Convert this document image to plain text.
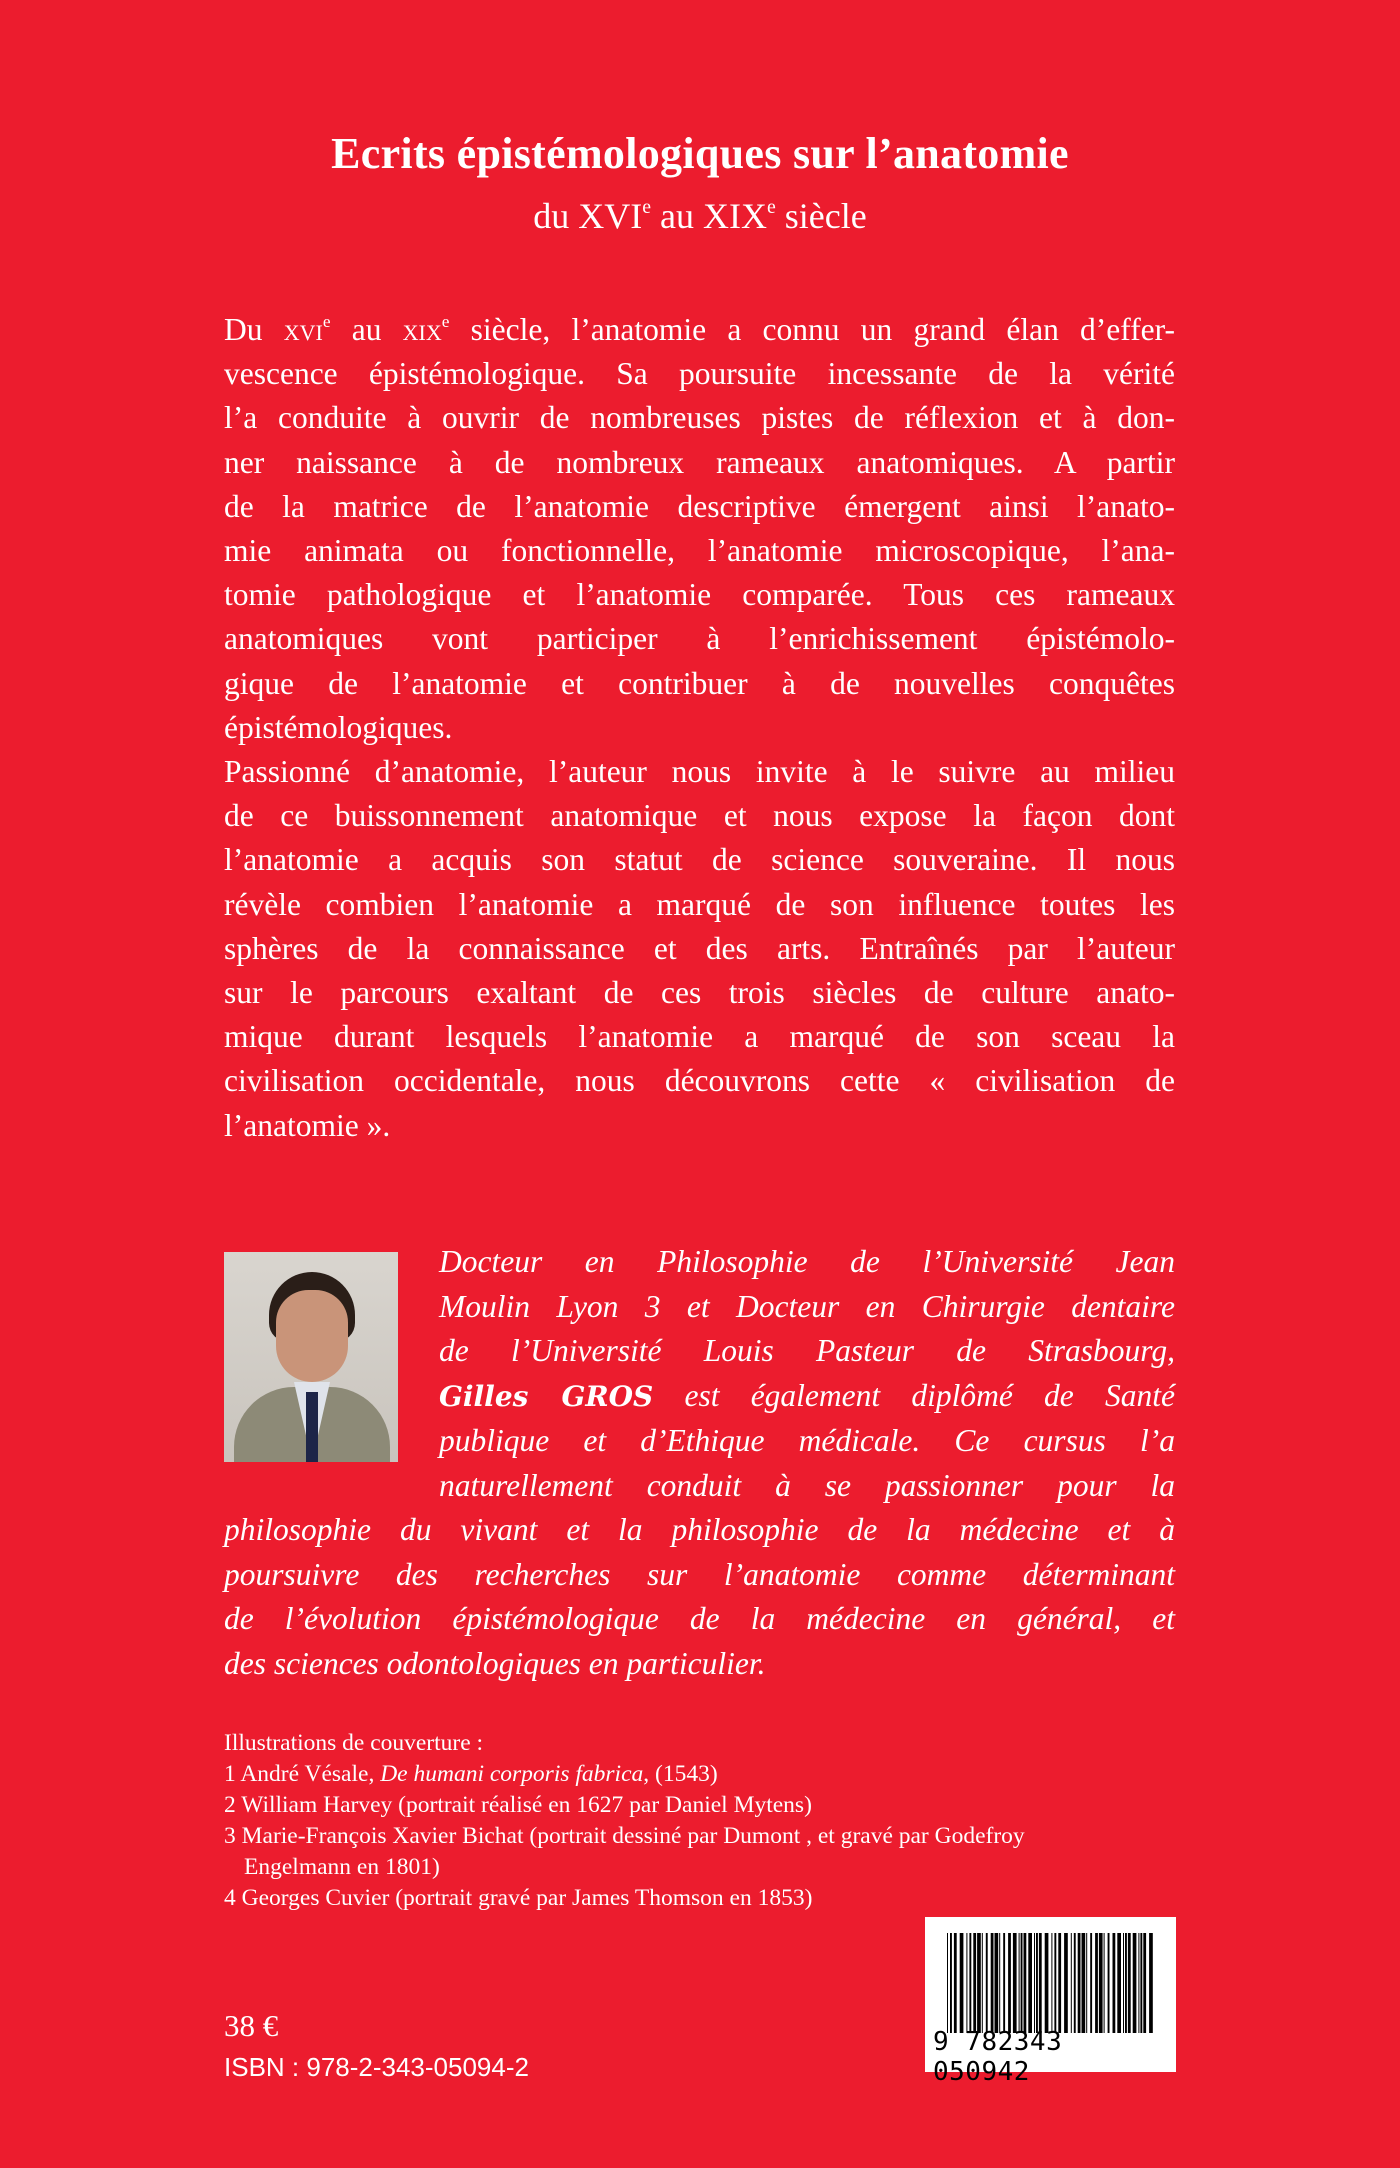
Ecrits épistémologiques sur l’anatomie
du XVIe au XIXe siècle
Du xvi$^e$ au xix$^e$ siècle, l’anatomie a connu un grand élan d’effer-
vescence épistémologique. Sa poursuite incessante de la vérité
l’a conduite à ouvrir de nombreuses pistes de réflexion et à don-
ner naissance à de nombreux rameaux anatomiques. A partir
de la matrice de l’anatomie descriptive émergent ainsi l’anato-
mie animata ou fonctionnelle, l’anatomie microscopique, l’ana-
tomie pathologique et l’anatomie comparée. Tous ces rameaux
anatomiques vont participer à l’enrichissement épistémolo-
gique de l’anatomie et contribuer à de nouvelles conquêtes
épistémologiques.
Passionné d’anatomie, l’auteur nous invite à le suivre au milieu
de ce buissonnement anatomique et nous expose la façon dont
l’anatomie a acquis son statut de science souveraine. Il nous
révèle combien l’anatomie a marqué de son influence toutes les
sphères de la connaissance et des arts. Entraînés par l’auteur
sur le parcours exaltant de ces trois siècles de culture anato-
mique durant lesquels l’anatomie a marqué de son sceau la
civilisation occidentale, nous découvrons cette « civilisation de
l’anatomie ».
Docteur en Philosophie de l’Université Jean
Moulin Lyon 3 et Docteur en Chirurgie dentaire
de l’Université Louis Pasteur de Strasbourg,
Gilles GROS est également diplômé de Santé
publique et d’Ethique médicale. Ce cursus l’a
naturellement conduit à se passionner pour la
philosophie du vivant et la philosophie de la médecine et à
poursuivre des recherches sur l’anatomie comme déterminant
de l’évolution épistémologique de la médecine en général, et
des sciences odontologiques en particulier.
Illustrations de couverture :
1 André Vésale, De humani corporis fabrica, (1543)
2 William Harvey (portrait réalisé en 1627 par Daniel Mytens)
3 Marie-François Xavier Bichat (portrait dessiné par Dumont , et gravé par Godefroy
Engelmann en 1801)
4 Georges Cuvier (portrait gravé par James Thomson en 1853)
38 €
ISBN : 978-2-343-05094-2
9 782343 050942
